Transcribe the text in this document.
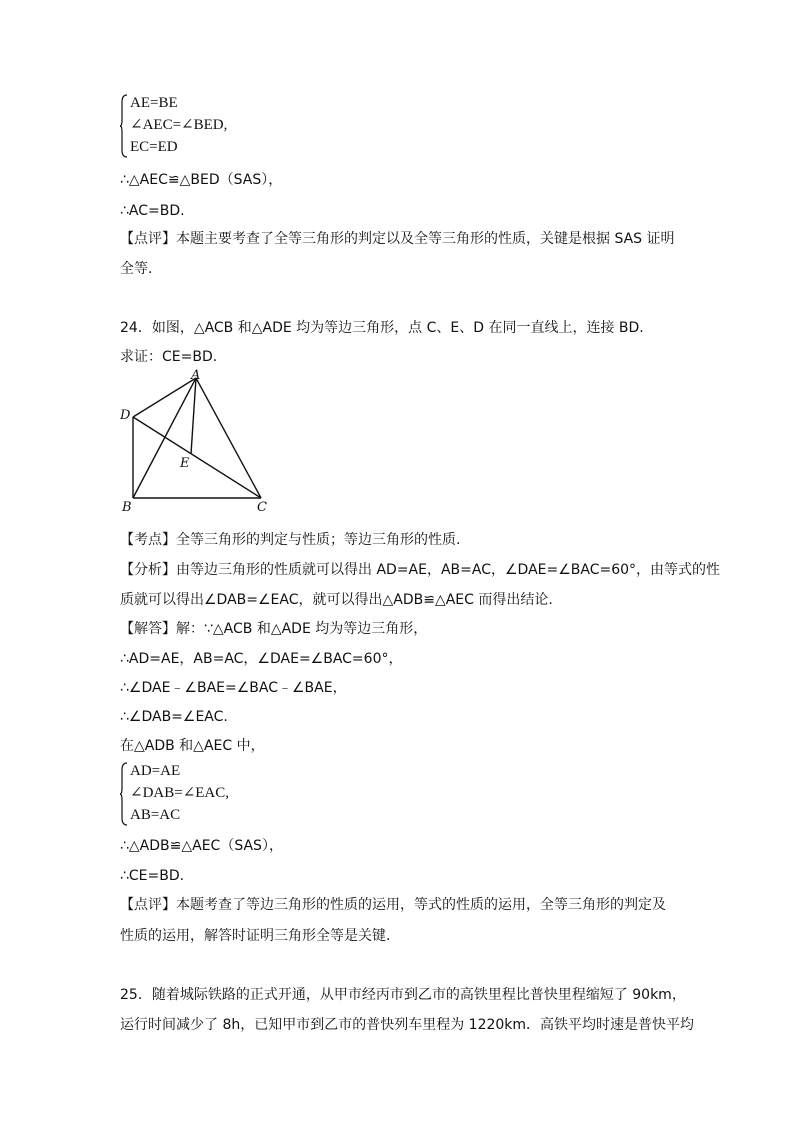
AE=BE
∠AEC=∠BED,
EC=ED
∴△AEC≌△BED（SAS），
∴AC=BD.
【点评】本题主要考查了全等三角形的判定以及全等三角形的性质，关键是根据 SAS 证明
全等.
24．如图，△ACB 和△ADE 均为等边三角形，点 C、E、D 在同一直线上，连接 BD.
求证：CE=BD.
A
D
E
B	C
【考点】全等三角形的判定与性质；等边三角形的性质.
【分析】由等边三角形的性质就可以得出 AD=AE，AB=AC，∠DAE=∠BAC=60°，由等式的性
质就可以得出∠DAB=∠EAC，就可以得出△ADB≌△AEC 而得出结论.
【解答】解：∵△ACB 和△ADE 均为等边三角形，
∴AD=AE，AB=AC，∠DAE=∠BAC=60°，
∴∠DAE﹣∠BAE=∠BAC﹣∠BAE，
∴∠DAB=∠EAC.
在△ADB 和△AEC 中，
AD=AE
∠DAB=∠EAC,
AB=AC
∴△ADB≌△AEC（SAS），
∴CE=BD.
【点评】本题考查了等边三角形的性质的运用，等式的性质的运用，全等三角形的判定及
性质的运用，解答时证明三角形全等是关键.
25．随着城际铁路的正式开通，从甲市经丙市到乙市的高铁里程比普快里程缩短了 90km，
运行时间减少了 8h，已知甲市到乙市的普快列车里程为 1220km．高铁平均时速是普快平均
